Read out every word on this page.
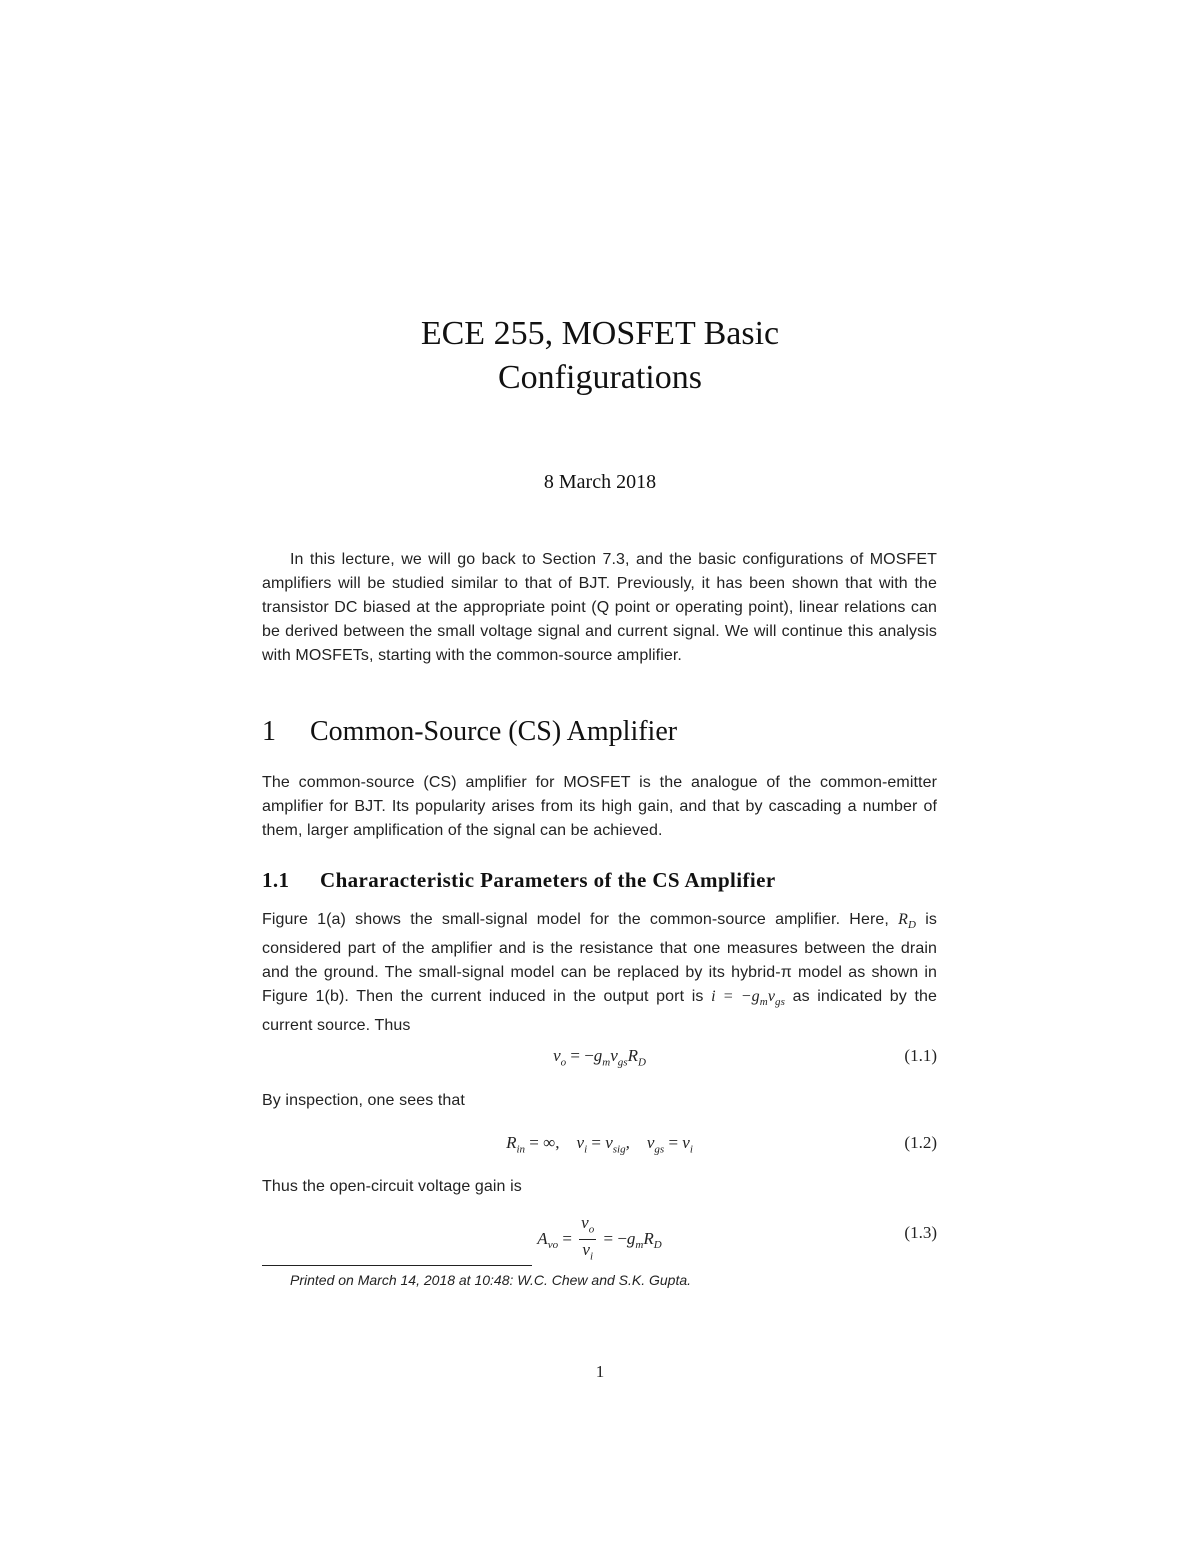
ECE 255, MOSFET Basic
Configurations
8 March 2018
In this lecture, we will go back to Section 7.3, and the basic configurations of MOSFET amplifiers will be studied similar to that of BJT. Previously, it has been shown that with the transistor DC biased at the appropriate point (Q point or operating point), linear relations can be derived between the small voltage signal and current signal. We will continue this analysis with MOSFETs, starting with the common-source amplifier.
1 Common-Source (CS) Amplifier
The common-source (CS) amplifier for MOSFET is the analogue of the common-emitter amplifier for BJT. Its popularity arises from its high gain, and that by cascading a number of them, larger amplification of the signal can be achieved.
1.1 Chararacteristic Parameters of the CS Amplifier
Figure 1(a) shows the small-signal model for the common-source amplifier. Here, $R_D$ is considered part of the amplifier and is the resistance that one measures between the drain and the ground. The small-signal model can be replaced by its hybrid-π model as shown in Figure 1(b). Then the current induced in the output port is $i = -g_mv_{gs}$ as indicated by the current source. Thus
$v_o = -g_mv_{gs}R_D$	(1.1)
By inspection, one sees that
$R_{in}$ = ∞,    $v_i = v_{sig}$,    $v_{gs} = v_i$	(1.2)
Thus the open-circuit voltage gain is
$A_{vo} = \frac{v_o}{v_i} = -g_mR_D$
(1.3)
Printed on March 14, 2018 at 10:48: W.C. Chew and S.K. Gupta.
1
